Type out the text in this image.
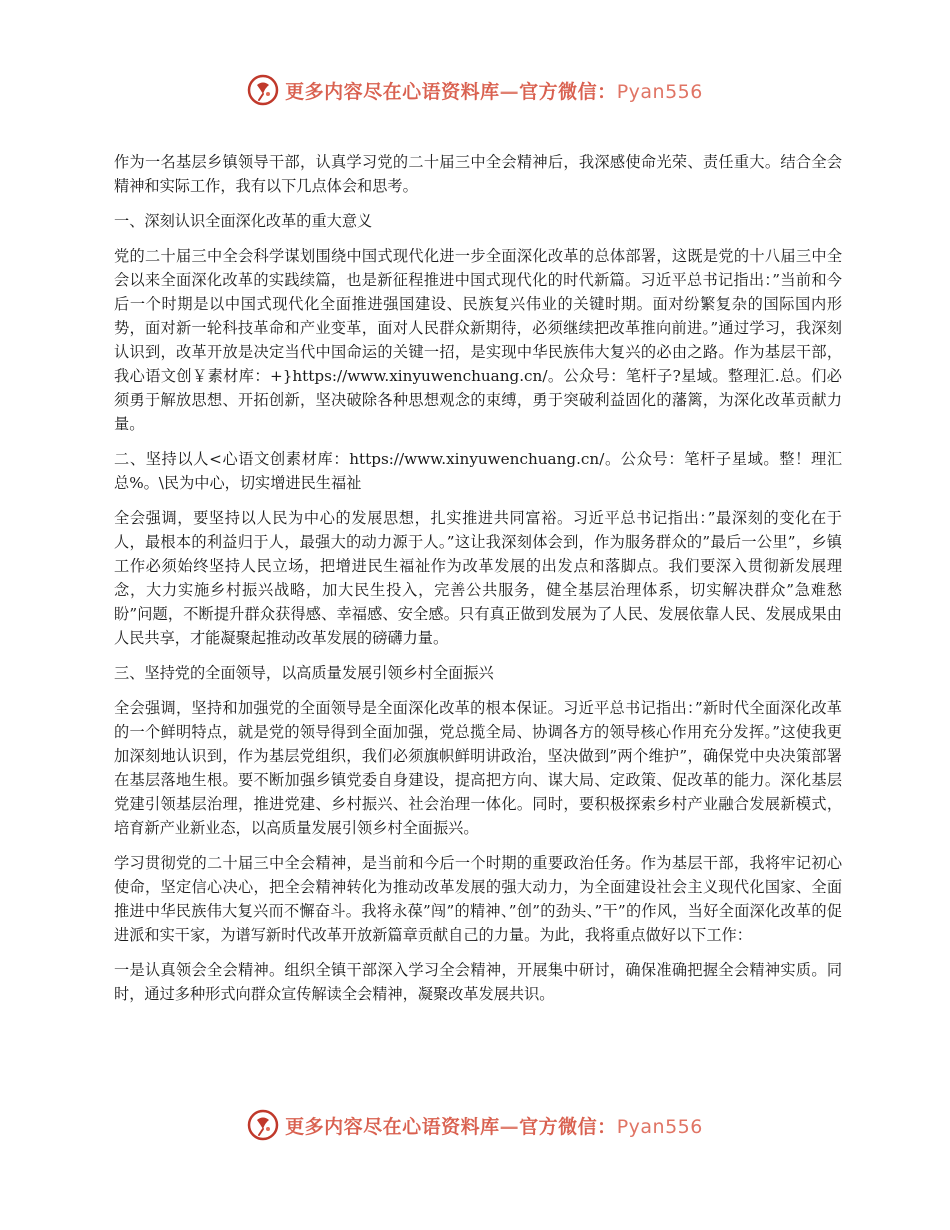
更多内容尽在心语资料库—官方微信：Pyan556

作为一名基层乡镇领导干部，认真学习党的二十届三中全会精神后，我深感使命光荣、责任重大。结合全会精神和实际工作，我有以下几点体会和思考。

一、深刻认识全面深化改革的重大意义

党的二十届三中全会科学谋划围绕中国式现代化进一步全面深化改革的总体部署，这既是党的十八届三中全会以来全面深化改革的实践续篇，也是新征程推进中国式现代化的时代新篇。习近平总书记指出：”当前和今后一个时期是以中国式现代化全面推进强国建设、民族复兴伟业的关键时期。面对纷繁复杂的国际国内形势，面对新一轮科技革命和产业变革，面对人民群众新期待，必须继续把改革推向前进。”通过学习，我深刻认识到，改革开放是决定当代中国命运的关键一招，是实现中华民族伟大复兴的必由之路。作为基层干部，我心语文创￥素材库：+}https://www.xinyuwenchuang.cn/。公众号：笔杆子?星域。整理汇.总。们必须勇于解放思想、开拓创新，坚决破除各种思想观念的束缚，勇于突破利益固化的藩篱，为深化改革贡献力量。

二、坚持以人<心语文创素材库：https://www.xinyuwenchuang.cn/。公众号：笔杆子星域。整！理汇总%。\民为中心，切实增进民生福祉

全会强调，要坚持以人民为中心的发展思想，扎实推进共同富裕。习近平总书记指出：”最深刻的变化在于人，最根本的利益归于人，最强大的动力源于人。”这让我深刻体会到，作为服务群众的”最后一公里”，乡镇工作必须始终坚持人民立场，把增进民生福祉作为改革发展的出发点和落脚点。我们要深入贯彻新发展理念，大力实施乡村振兴战略，加大民生投入，完善公共服务，健全基层治理体系，切实解决群众”急难愁盼”问题，不断提升群众获得感、幸福感、安全感。只有真正做到发展为了人民、发展依靠人民、发展成果由人民共享，才能凝聚起推动改革发展的磅礴力量。

三、坚持党的全面领导，以高质量发展引领乡村全面振兴

全会强调，坚持和加强党的全面领导是全面深化改革的根本保证。习近平总书记指出：”新时代全面深化改革的一个鲜明特点，就是党的领导得到全面加强，党总揽全局、协调各方的领导核心作用充分发挥。”这使我更加深刻地认识到，作为基层党组织，我们必须旗帜鲜明讲政治，坚决做到”两个维护”，确保党中央决策部署在基层落地生根。要不断加强乡镇党委自身建设，提高把方向、谋大局、定政策、促改革的能力。深化基层党建引领基层治理，推进党建、乡村振兴、社会治理一体化。同时，要积极探索乡村产业融合发展新模式，培育新产业新业态，以高质量发展引领乡村全面振兴。

学习贯彻党的二十届三中全会精神，是当前和今后一个时期的重要政治任务。作为基层干部，我将牢记初心使命，坚定信心决心，把全会精神转化为推动改革发展的强大动力，为全面建设社会主义现代化国家、全面推进中华民族伟大复兴而不懈奋斗。我将永葆”闯”的精神、”创”的劲头、”干”的作风，当好全面深化改革的促进派和实干家，为谱写新时代改革开放新篇章贡献自己的力量。为此，我将重点做好以下工作：

一是认真领会全会精神。组织全镇干部深入学习全会精神，开展集中研讨，确保准确把握全会精神实质。同时，通过多种形式向群众宣传解读全会精神，凝聚改革发展共识。

更多内容尽在心语资料库—官方微信：Pyan556
